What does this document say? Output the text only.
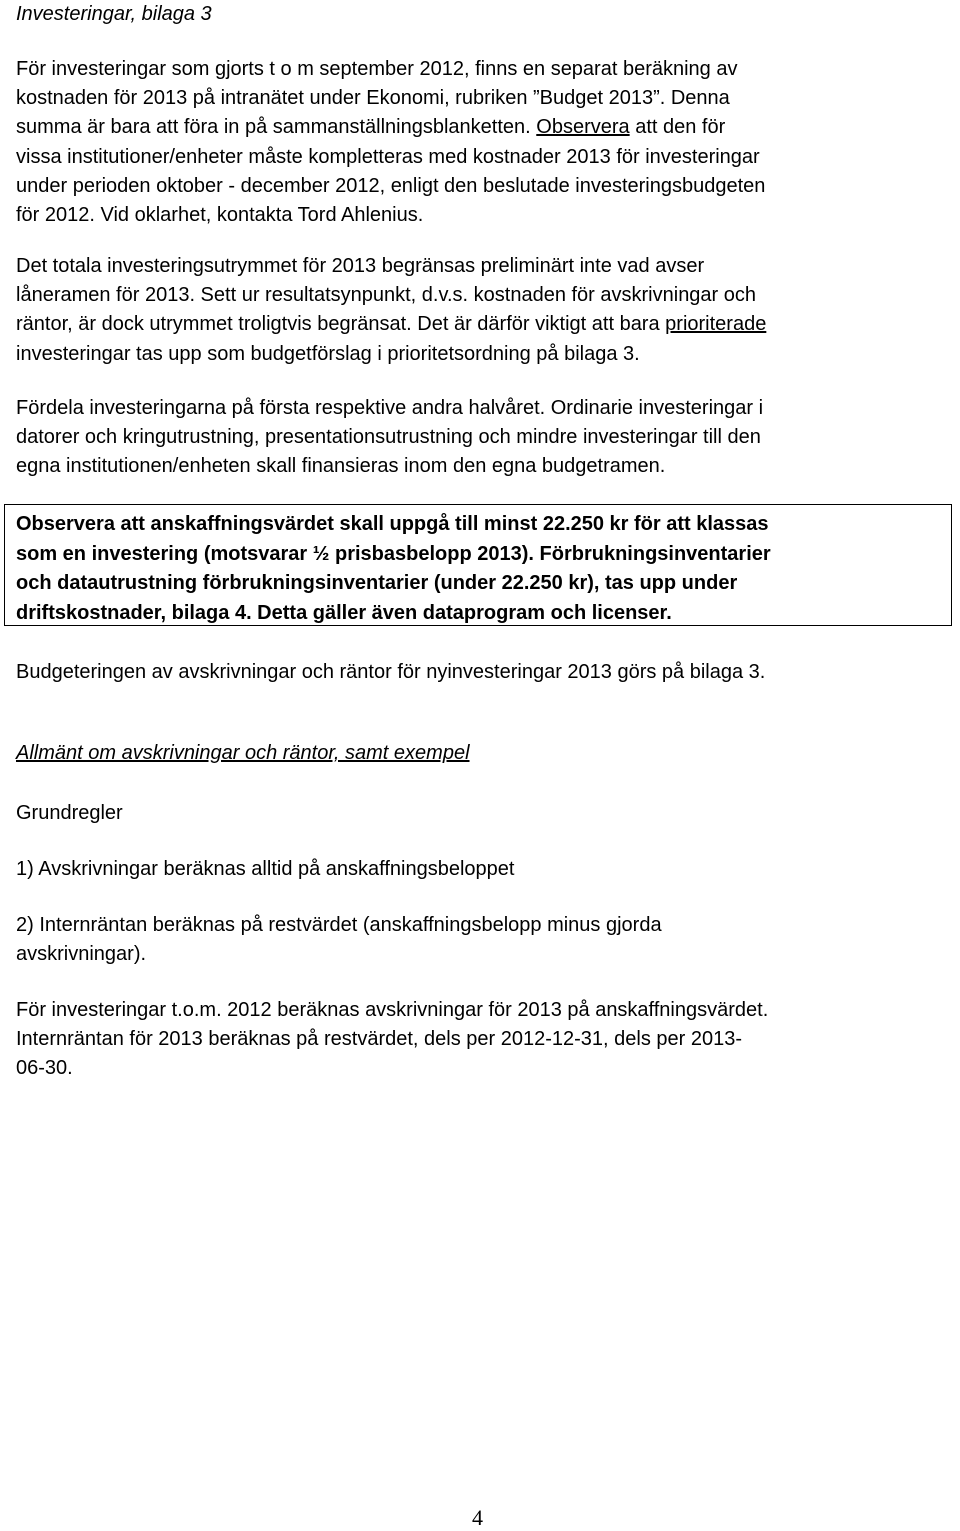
Investeringar, bilaga 3

För investeringar som gjorts t o m september 2012, finns en separat beräkning av
kostnaden för 2013 på intranätet under Ekonomi, rubriken ”Budget 2013”. Denna
summa är bara att föra in på sammanställningsblanketten. Observera att den för
vissa institutioner/enheter måste kompletteras med kostnader 2013 för investeringar
under perioden oktober - december 2012, enligt den beslutade investeringsbudgeten
för 2012. Vid oklarhet, kontakta Tord Ahlenius.

Det totala investeringsutrymmet för 2013 begränsas preliminärt inte vad avser
låneramen för 2013. Sett ur resultatsynpunkt, d.v.s. kostnaden för avskrivningar och
räntor, är dock utrymmet troligtvis begränsat. Det är därför viktigt att bara prioriterade
investeringar tas upp som budgetförslag i prioritetsordning på bilaga 3.

Fördela investeringarna på första respektive andra halvåret. Ordinarie investeringar i
datorer och kringutrustning, presentationsutrustning och mindre investeringar till den
egna institutionen/enheten skall finansieras inom den egna budgetramen.

Observera att anskaffningsvärdet skall uppgå till minst 22.250 kr för att klassas
som en investering (motsvarar ½ prisbasbelopp 2013). Förbrukningsinventarier
och datautrustning förbrukningsinventarier (under 22.250 kr), tas upp under
driftskostnader, bilaga 4. Detta gäller även dataprogram och licenser.

Budgeteringen av avskrivningar och räntor för nyinvesteringar 2013 görs på bilaga 3.

Allmänt om avskrivningar och räntor, samt exempel

Grundregler

1) Avskrivningar beräknas alltid på anskaffningsbeloppet

2) Internräntan beräknas på restvärdet (anskaffningsbelopp minus gjorda
avskrivningar).

För investeringar t.o.m. 2012 beräknas avskrivningar för 2013 på anskaffningsvärdet.
Internräntan för 2013 beräknas på restvärdet, dels per 2012-12-31, dels per 2013-
06-30.

4
